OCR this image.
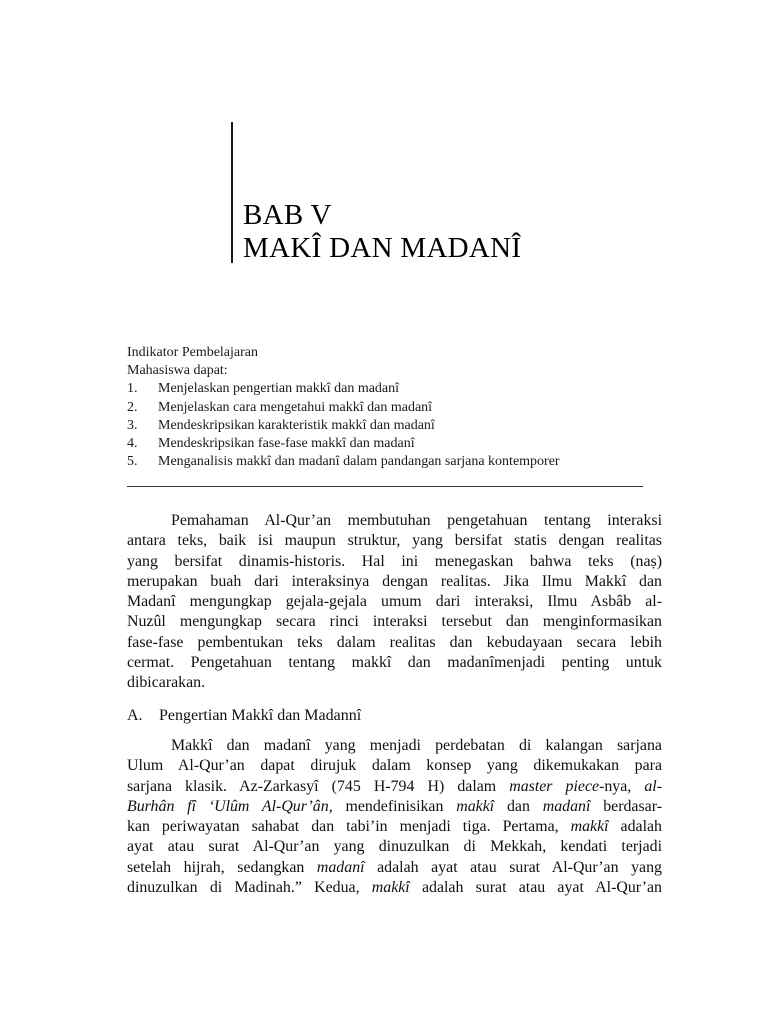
BAB V
MAKÎ DAN MADANÎ
Indikator Pembelajaran
Mahasiswa dapat:
1. Menjelaskan pengertian makkî dan madanî
2. Menjelaskan cara mengetahui makkî dan madanî
3. Mendeskripsikan karakteristik makkî dan madanî
4. Mendeskripsikan fase-fase makkî dan madanî
5. Menganalisis makkî dan madanî dalam pandangan sarjana kontemporer
Pemahaman Al-Qur’an membutuhan pengetahuan tentang interaksi
antara teks, baik isi maupun struktur, yang bersifat statis dengan realitas
yang bersifat dinamis-historis. Hal ini menegaskan bahwa teks (naṣ)
merupakan buah dari interaksinya dengan realitas. Jika Ilmu Makkî dan
Madanî mengungkap gejala-gejala umum dari interaksi, Ilmu Asbâb al-
Nuzûl mengungkap secara rinci interaksi tersebut dan menginformasikan
fase-fase pembentukan teks dalam realitas dan kebudayaan secara lebih
cermat. Pengetahuan tentang makkî dan madanîmenjadi penting untuk
dibicarakan.
A. Pengertian Makkî dan Madannî
Makkî dan madanî yang menjadi perdebatan di kalangan sarjana
Ulum Al-Qur’an dapat dirujuk dalam konsep yang dikemukakan para
sarjana klasik. Az-Zarkasyî (745 H-794 H) dalam master piece-nya, al-
Burhân fî ‘Ulûm Al-Qur’ân, mendefinisikan makkî dan madanî berdasar-
kan periwayatan sahabat dan tabi’in menjadi tiga. Pertama, makkî adalah
ayat atau surat Al-Qur’an yang dinuzulkan di Mekkah, kendati terjadi
setelah hijrah, sedangkan madanî adalah ayat atau surat Al-Qur’an yang
dinuzulkan di Madinah.” Kedua, makkî adalah surat atau ayat Al-Qur’an
